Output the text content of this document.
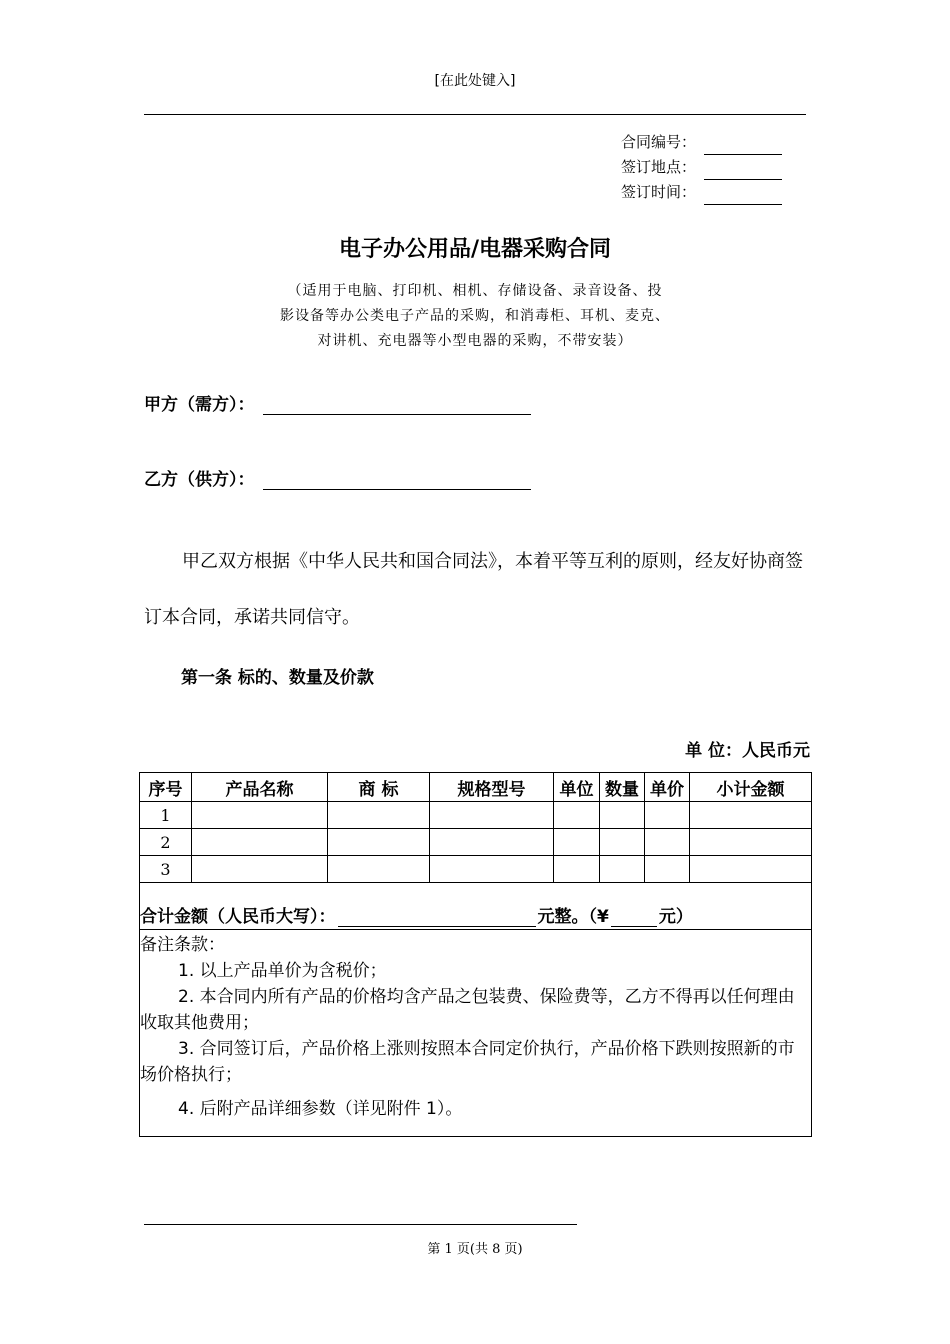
[在此处键入]
合同编号：
签订地点：
签订时间：
电子办公用品/电器采购合同
（适用于电脑、打印机、相机、存储设备、录音设备、投
影设备等办公类电子产品的采购，和消毒柜、耳机、麦克、
对讲机、充电器等小型电器的采购，不带安装）
甲方（需方）：
乙方（供方）：
甲乙双方根据《中华人民共和国合同法》，本着平等互利的原则，经友好协商签订本合同，承诺共同信守。
第一条 标的、数量及价款
单 位：人民币元
序号	产品名称	商 标	规格型号	单位	数量	单价	小计金额
1							
2							
3							

合计金额（人民币大写）： 元整。（¥ 元）							

备注条款：
1. 以上产品单价为含税价；
2. 本合同内所有产品的价格均含产品之包装费、保险费等，乙方不得再以任何理由收取其他费用；
3. 合同签订后，产品价格上涨则按照本合同定价执行，产品价格下跌则按照新的市场价格执行；
4. 后附产品详细参数（详见附件 1）。							
第 1 页(共 8 页)
